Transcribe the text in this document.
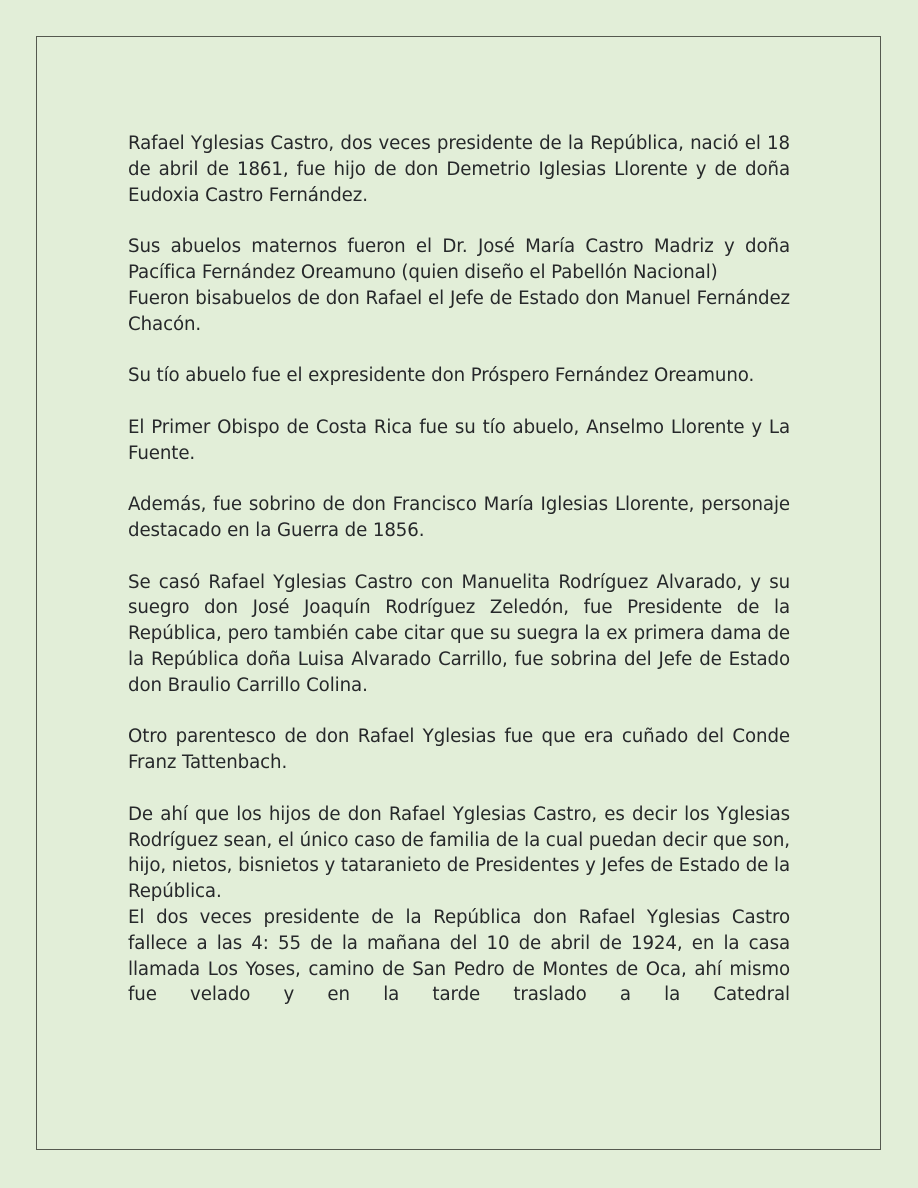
Rafael Yglesias Castro, dos veces presidente de la República, nació el 18 de abril de 1861, fue hijo de don Demetrio Iglesias Llorente y de doña Eudoxia Castro Fernández.

Sus abuelos maternos fueron el Dr. José María Castro Madriz y doña Pacífica Fernández Oreamuno (quien diseño el Pabellón Nacional)

Fueron bisabuelos de don Rafael el Jefe de Estado don Manuel Fernández Chacón.

Su tío abuelo fue el expresidente don Próspero Fernández Oreamuno.

El Primer Obispo de Costa Rica fue su tío abuelo, Anselmo Llorente y La Fuente.

Además, fue sobrino de don Francisco María Iglesias Llorente, personaje destacado en la Guerra de 1856.

Se casó Rafael Yglesias Castro con Manuelita Rodríguez Alvarado, y su suegro don José Joaquín Rodríguez Zeledón, fue Presidente de la República, pero también cabe citar que su suegra la ex primera dama de la República doña Luisa Alvarado Carrillo, fue sobrina del Jefe de Estado don Braulio Carrillo Colina.

Otro parentesco de don Rafael Yglesias fue que era cuñado del Conde Franz Tattenbach.

De ahí que los hijos de don Rafael Yglesias Castro, es decir los Yglesias Rodríguez sean, el único caso de familia de la cual puedan decir que son, hijo, nietos, bisnietos y tataranieto de Presidentes y Jefes de Estado de la República.

El dos veces presidente de la República don Rafael Yglesias Castro fallece a las 4: 55 de la mañana del 10 de abril de 1924, en la casa llamada Los Yoses, camino de San Pedro de Montes de Oca, ahí mismo fue velado y en la tarde traslado a la Catedral
